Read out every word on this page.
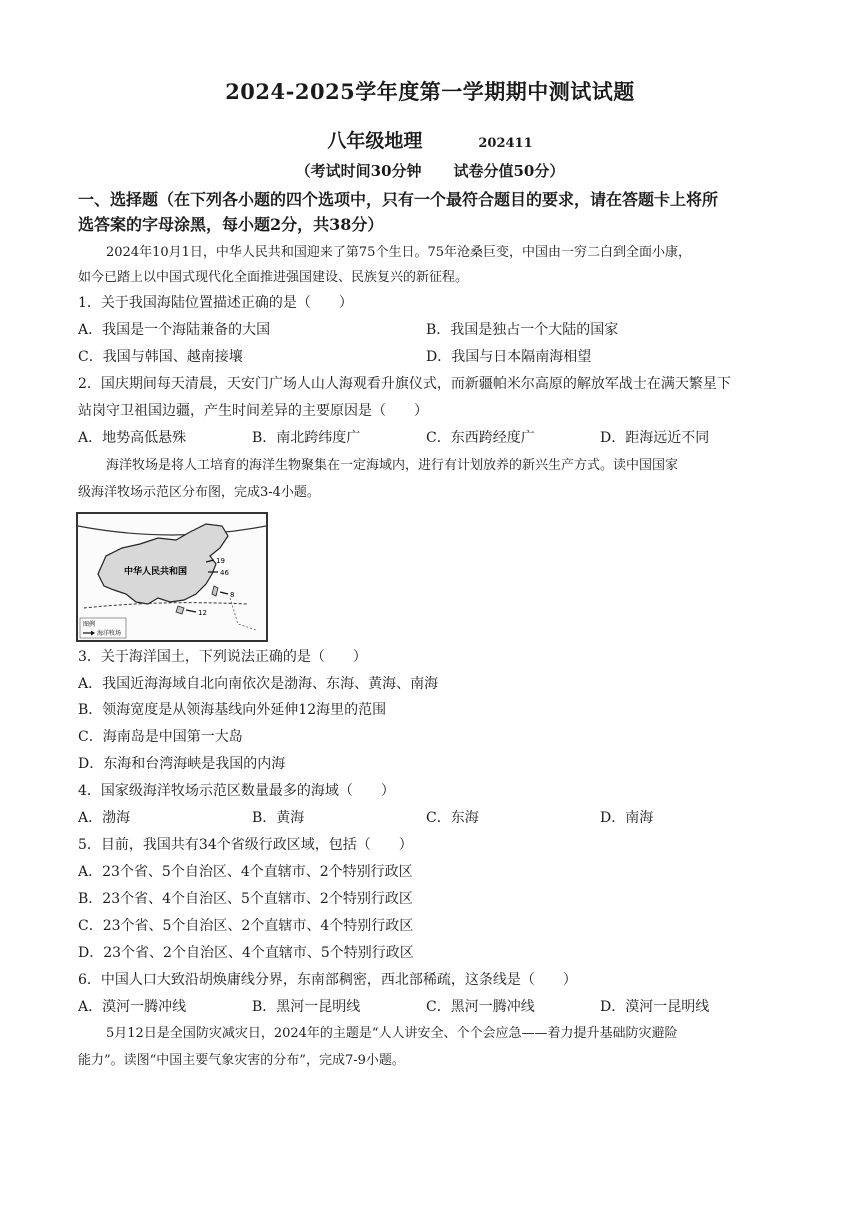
2024-2025学年度第一学期期中测试试题
八年级地理	202411
（考试时间30分钟 试卷分值50分）
一、选择题（在下列各小题的四个选项中，只有一个最符合题目的要求，请在答题卡上将所
选答案的字母涂黑，每小题2分，共38分）
2024年10月1日，中华人民共和国迎来了第75个生日。75年沧桑巨变，中国由一穷二白到全面小康，
如今已踏上以中国式现代化全面推进强国建设、民族复兴的新征程。
1．关于我国海陆位置描述正确的是（　　）
A．我国是一个海陆兼备的大国	B．我国是独占一个大陆的国家
C．我国与韩国、越南接壤	D．我国与日本隔南海相望
2．国庆期间每天清晨，天安门广场人山人海观看升旗仪式，而新疆帕米尔高原的解放军战士在满天繁星下
站岗守卫祖国边疆，产生时间差异的主要原因是（　　）
A．地势高低悬殊	B．南北跨纬度广	C．东西跨经度广	D．距海远近不同
海洋牧场是将人工培育的海洋生物聚集在一定海域内，进行有计划放养的新兴生产方式。读中国国家
级海洋牧场示范区分布图，完成3-4小题。
中华人民共和国
19
46
8
12
图例
海洋牧场
3．关于海洋国土，下列说法正确的是（　　）
A．我国近海海域自北向南依次是渤海、东海、黄海、南海
B．领海宽度是从领海基线向外延伸12海里的范围
C．海南岛是中国第一大岛
D．东海和台湾海峡是我国的内海
4．国家级海洋牧场示范区数量最多的海域（　　）
A．渤海	B．黄海	C．东海	D．南海
5．目前，我国共有34个省级行政区域，包括（　　）
A．23个省、5个自治区、4个直辖市、2个特别行政区
B．23个省、4个自治区、5个直辖市、2个特别行政区
C．23个省、5个自治区、2个直辖市、4个特别行政区
D．23个省、2个自治区、4个直辖市、5个特别行政区
6．中国人口大致沿胡焕庸线分界，东南部稠密，西北部稀疏，这条线是（　　）
A．漠河一腾冲线	B．黑河一昆明线	C．黑河一腾冲线	D．漠河一昆明线
5月12日是全国防灾减灾日，2024年的主题是“人人讲安全、个个会应急——着力提升基础防灾避险
能力”。读图“中国主要气象灾害的分布”，完成7-9小题。
